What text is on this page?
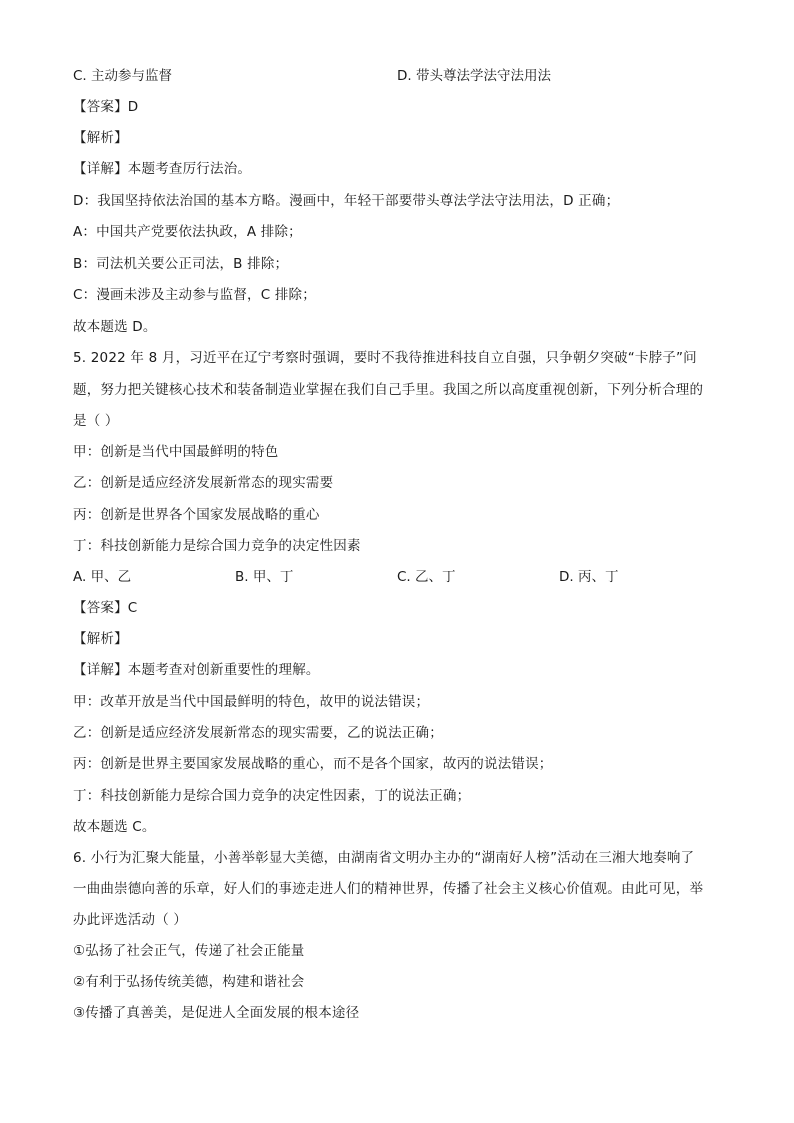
C. 主动参与监督	D. 带头尊法学法守法用法
【答案】D
【解析】
【详解】本题考查厉行法治。
D：我国坚持依法治国的基本方略。漫画中，年轻干部要带头尊法学法守法用法，D 正确；
A：中国共产党要依法执政，A 排除；
B：司法机关要公正司法，B 排除；
C：漫画未涉及主动参与监督，C 排除；
故本题选 D。
5. 2022 年 8 月，习近平在辽宁考察时强调，要时不我待推进科技自立自强，只争朝夕突破“卡脖子”问
题，努力把关键核心技术和装备制造业掌握在我们自己手里。我国之所以高度重视创新，下列分析合理的
是（ ）
甲：创新是当代中国最鲜明的特色
乙：创新是适应经济发展新常态的现实需要
丙：创新是世界各个国家发展战略的重心
丁：科技创新能力是综合国力竞争的决定性因素
A. 甲、乙	B. 甲、丁	C. 乙、丁	D. 丙、丁
【答案】C
【解析】
【详解】本题考查对创新重要性的理解。
甲：改革开放是当代中国最鲜明的特色，故甲的说法错误；
乙：创新是适应经济发展新常态的现实需要，乙的说法正确；
丙：创新是世界主要国家发展战略的重心，而不是各个国家，故丙的说法错误；
丁：科技创新能力是综合国力竞争的决定性因素，丁的说法正确；
故本题选 C。
6. 小行为汇聚大能量，小善举彰显大美德，由湖南省文明办主办的“湖南好人榜”活动在三湘大地奏响了
一曲曲崇德向善的乐章，好人们的事迹走进人们的精神世界，传播了社会主义核心价值观。由此可见，举
办此评选活动（ ）
①弘扬了社会正气，传递了社会正能量
②有利于弘扬传统美德，构建和谐社会
③传播了真善美，是促进人全面发展的根本途径
